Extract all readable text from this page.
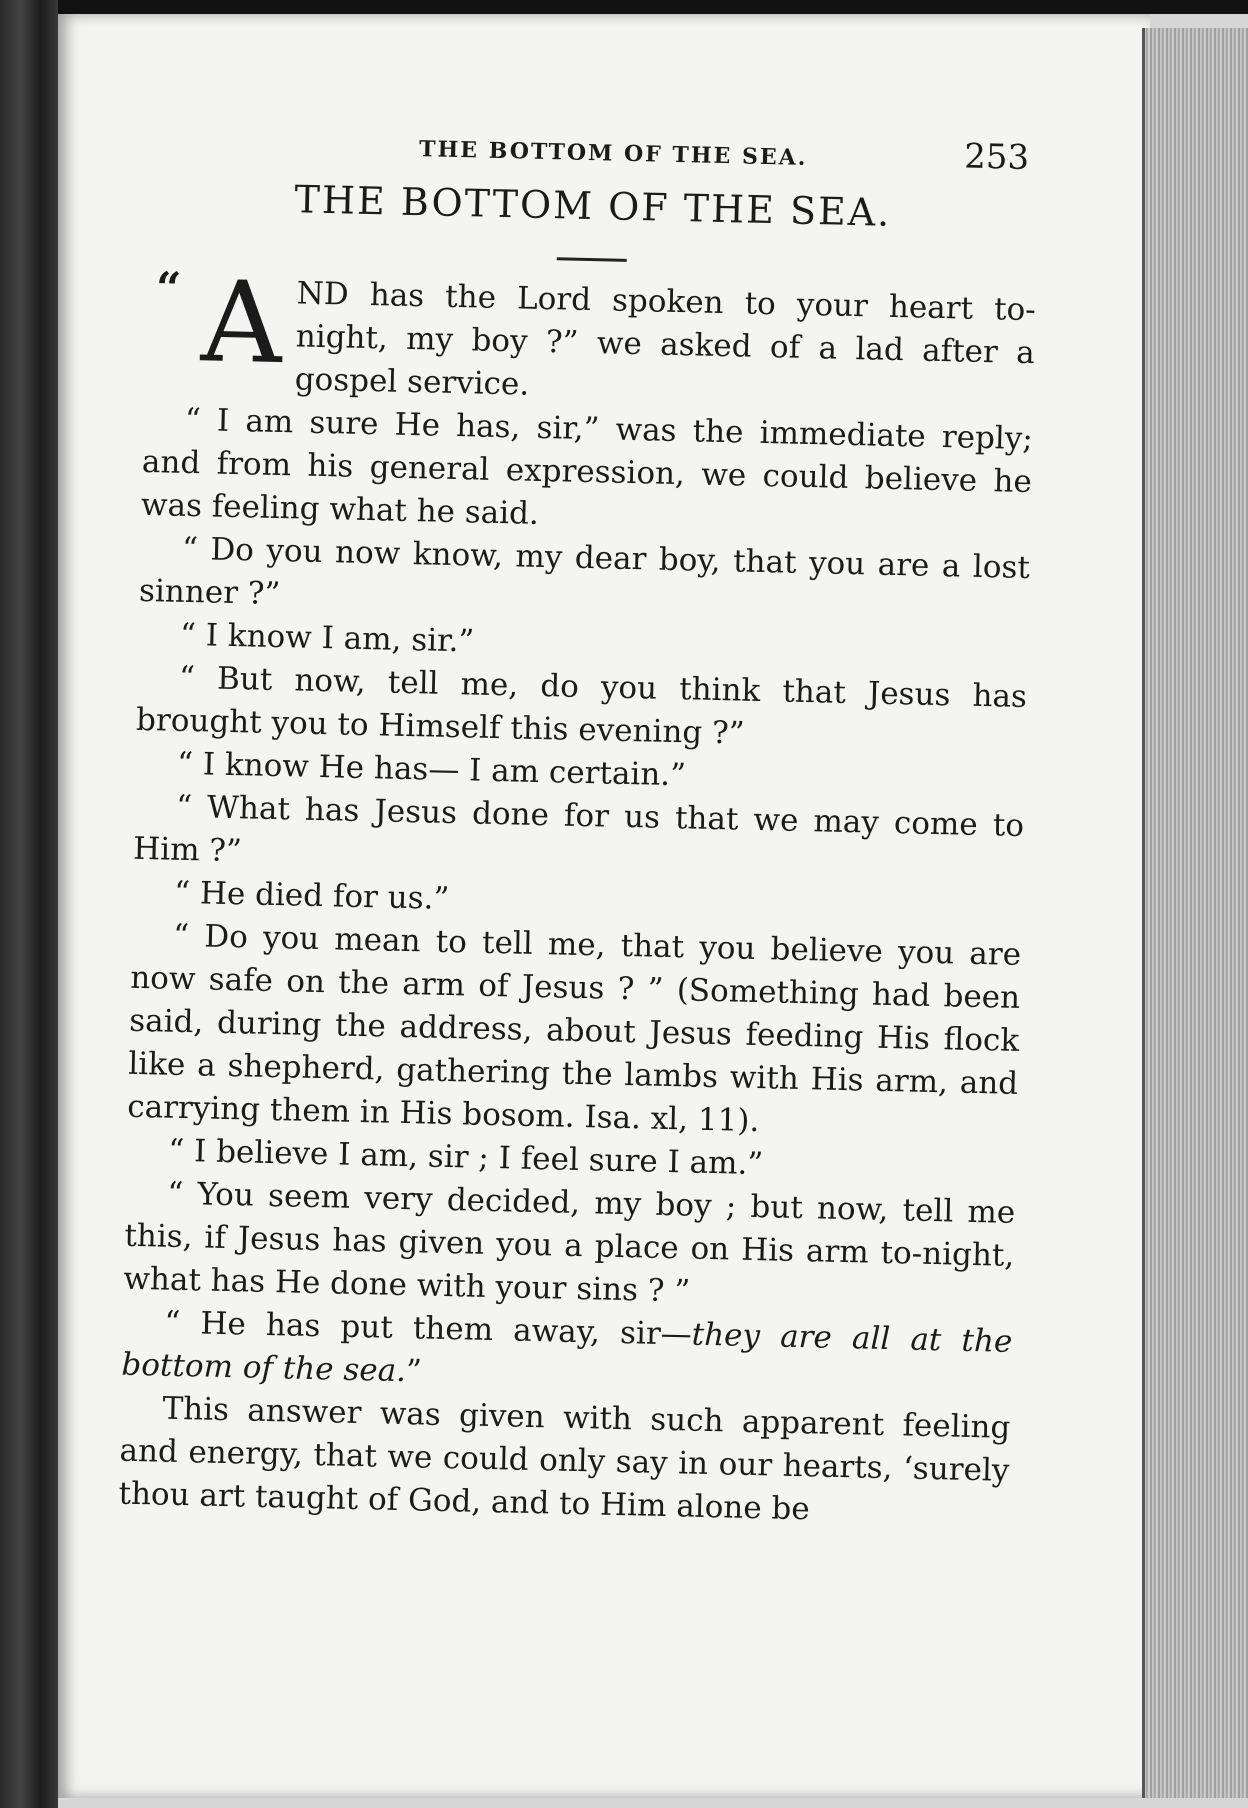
THE BOTTOM OF THE SEA.	253
THE BOTTOM OF THE SEA.
“ A ND has the Lord spoken to your heart to-night, my boy ?” we asked of a lad after a gospel service.

“ I am sure He has, sir,” was the immediate reply; and from his general expression, we could believe he was feeling what he said.

“ Do you now know, my dear boy, that you are a lost sinner ?”

“ I know I am, sir.”

“ But now, tell me, do you think that Jesus has brought you to Himself this evening ?”

“ I know He has— I am certain.”

“ What has Jesus done for us that we may come to Him ?”

“ He died for us.”

“ Do you mean to tell me, that you believe you are now safe on the arm of Jesus ? ” (Something had been said, during the address, about Jesus feeding His flock like a shepherd, gathering the lambs with His arm, and carrying them in His bosom. Isa. xl, 11).

“ I believe I am, sir ; I feel sure I am.”

“ You seem very decided, my boy ; but now, tell me this, if Jesus has given you a place on His arm to-night, what has He done with your sins ? ”

“ He has put them away, sir—they are all at the bottom of the sea.”

This answer was given with such apparent feeling and energy, that we could only say in our hearts, ‘surely thou art taught of God, and to Him alone be
